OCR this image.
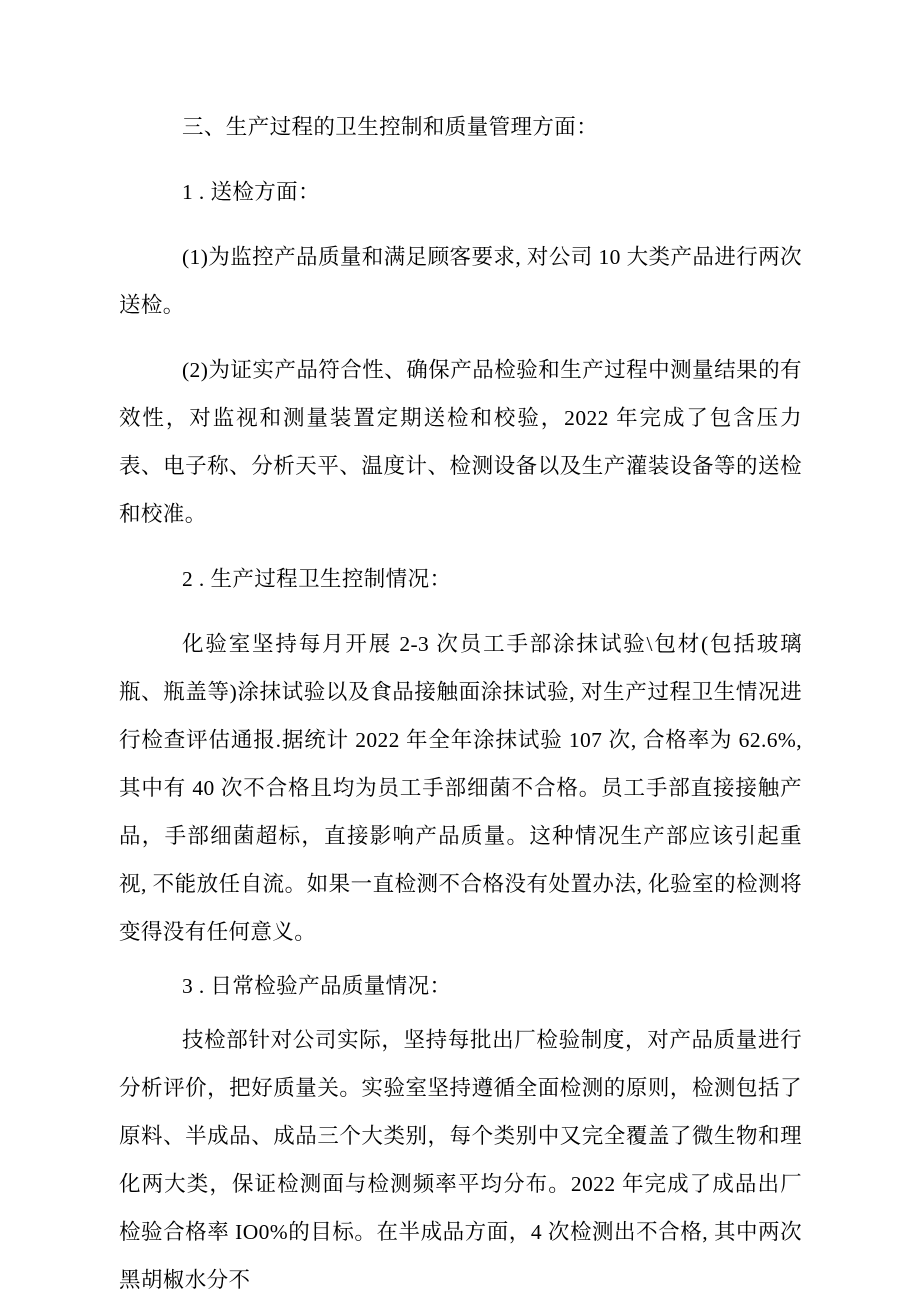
三、生产过程的卫生控制和质量管理方面：

1 . 送检方面：

(1)为监控产品质量和满足顾客要求, 对公司 10 大类产品进行两次送检。

(2)为证实产品符合性、确保产品检验和生产过程中测量结果的有效性，对监视和测量装置定期送检和校验，2022 年完成了包含压力表、电子称、分析天平、温度计、检测设备以及生产灌装设备等的送检和校准。

2 . 生产过程卫生控制情况：

化验室坚持每月开展 2-3 次员工手部涂抹试验\包材(包括玻璃瓶、瓶盖等)涂抹试验以及食品接触面涂抹试验, 对生产过程卫生情况进行检查评估通报.据统计 2022 年全年涂抹试验 107 次, 合格率为 62.6%, 其中有 40 次不合格且均为员工手部细菌不合格。员工手部直接接触产品，手部细菌超标，直接影响产品质量。这种情况生产部应该引起重视, 不能放任自流。如果一直检测不合格没有处置办法, 化验室的检测将变得没有任何意义。

3 . 日常检验产品质量情况：

技检部针对公司实际，坚持每批出厂检验制度，对产品质量进行分析评价，把好质量关。实验室坚持遵循全面检测的原则，检测包括了原料、半成品、成品三个大类别，每个类别中又完全覆盖了微生物和理化两大类，保证检测面与检测频率平均分布。2022 年完成了成品出厂检验合格率 IO0%的目标。在半成品方面，4 次检测出不合格, 其中两次黑胡椒水分不
